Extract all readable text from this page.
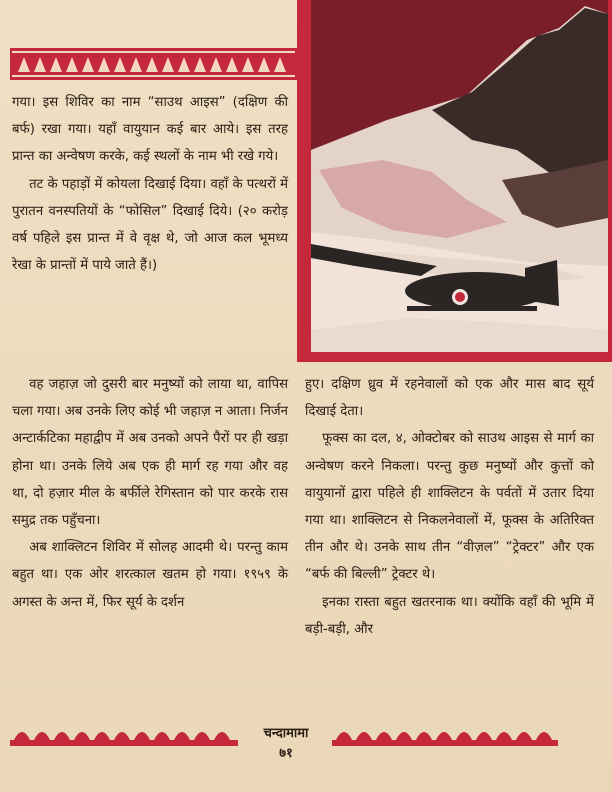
गया। इस शिविर का नाम “साउथ आइस” (दक्षिण की बर्फ) रखा गया। यहाँ वायुयान कई बार आये। इस तरह प्रान्त का अन्वेषण करके, कई स्थलों के नाम भी रखे गये।

तट के पहाड़ों में कोयला दिखाई दिया। वहाँ के पत्थरों में पुरातन वनस्पतियों के “फोसिल” दिखाई दिये। (२० करोड़ वर्ष पहिले इस प्रान्त में वे वृक्ष थे, जो आज कल भूमध्य रेखा के प्रान्तों में पाये जाते हैं।)

वह जहाज़ जो दुसरी बार मनुष्यों को लाया था, वापिस चला गया। अब उनके लिए कोई भी जहाज़ न आता। निर्जन अन्टार्कटिका महाद्वीप में अब उनको अपने पैरों पर ही खड़ा होना था। उनके लिये अब एक ही मार्ग रह गया और वह था, दो हज़ार मील के बर्फीले रेगिस्तान को पार करके रास समुद्र तक पहुँचना।

अब शाक्लिटन शिविर में सोलह आदमी थे। परन्तु काम बहुत था। एक ओर शरत्काल खतम हो गया। १९५९ के अगस्त के अन्त में, फिर सूर्य के दर्शन

हुए। दक्षिण ध्रुव में रहनेवालों को एक और मास बाद सूर्य दिखाई देता।

फूक्स का दल, ४, ओक्टोबर को साउथ आइस से मार्ग का अन्वेषण करने निकला। परन्तु कुछ मनुष्यों और कुत्तों को वायुयानों द्वारा पहिले ही शाक्लिटन के पर्वतों में उतार दिया गया था। शाक्लिटन से निकलनेवालों में, फूक्स के अतिरिक्त तीन और थे। उनके साथ तीन “वीज़ल” “ट्रेक्टर” और एक “बर्फ की बिल्ली” ट्रेक्टर थे।

इनका रास्ता बहुत खतरनाक था। क्योंकि वहाँ की भूमि में बड़ी-बड़ी, और

चन्दामामा
७१
